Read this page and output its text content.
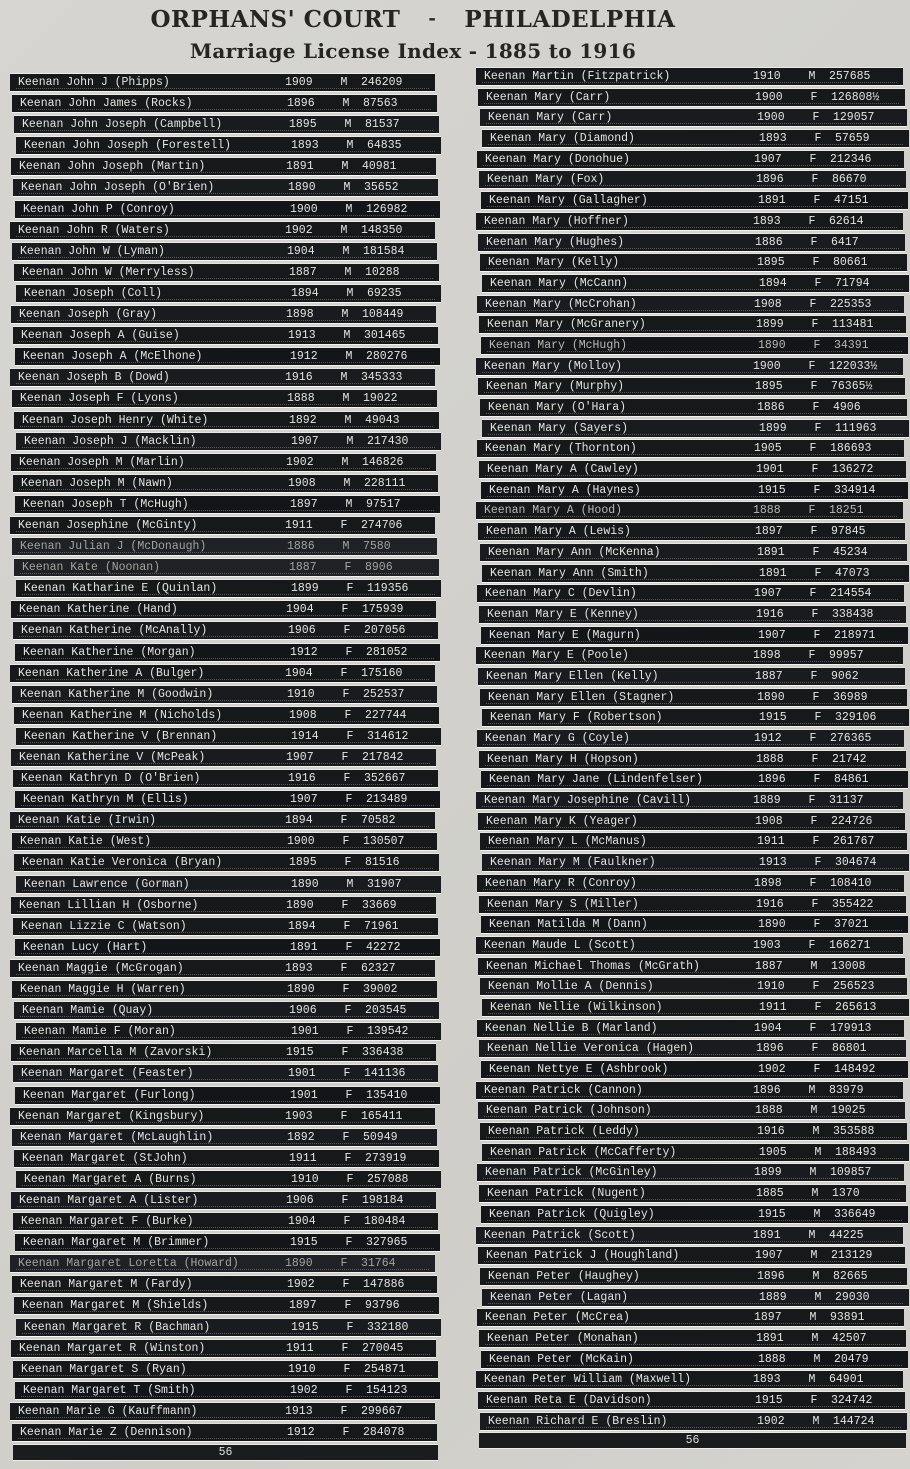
ORPHANS' COURT - PHILADELPHIA
Marriage License Index - 1885 to 1916
Keenan John J (Phipps)	1909	M	246209
Keenan John James (Rocks)	1896	M	87563
Keenan John Joseph (Campbell)	1895	M	81537
Keenan John Joseph (Forestell)	1893	M	64835
Keenan John Joseph (Martin)	1891	M	40981
Keenan John Joseph (O'Brien)	1890	M	35652
Keenan John P (Conroy)	1900	M	126982
Keenan John R (Waters)	1902	M	148350
Keenan John W (Lyman)	1904	M	181584
Keenan John W (Merryless)	1887	M	10288
Keenan Joseph (Coll)	1894	M	69235
Keenan Joseph (Gray)	1898	M	108449
Keenan Joseph A (Guise)	1913	M	301465
Keenan Joseph A (McElhone)	1912	M	280276
Keenan Joseph B (Dowd)	1916	M	345333
Keenan Joseph F (Lyons)	1888	M	19022
Keenan Joseph Henry (White)	1892	M	49043
Keenan Joseph J (Macklin)	1907	M	217430
Keenan Joseph M (Marlin)	1902	M	146826
Keenan Joseph M (Nawn)	1908	M	228111
Keenan Joseph T (McHugh)	1897	M	97517
Keenan Josephine (McGinty)	1911	F	274706
Keenan Julian J (McDonaugh)	1886	M	7580
Keenan Kate (Noonan)	1887	F	8906
Keenan Katharine E (Quinlan)	1899	F	119356
Keenan Katherine (Hand)	1904	F	175939
Keenan Katherine (McAnally)	1906	F	207056
Keenan Katherine (Morgan)	1912	F	281052
Keenan Katherine A (Bulger)	1904	F	175160
Keenan Katherine M (Goodwin)	1910	F	252537
Keenan Katherine M (Nicholds)	1908	F	227744
Keenan Katherine V (Brennan)	1914	F	314612
Keenan Katherine V (McPeak)	1907	F	217842
Keenan Kathryn D (O'Brien)	1916	F	352667
Keenan Kathryn M (Ellis)	1907	F	213489
Keenan Katie (Irwin)	1894	F	70582
Keenan Katie (West)	1900	F	130507
Keenan Katie Veronica (Bryan)	1895	F	81516
Keenan Lawrence (Gorman)	1890	M	31907
Keenan Lillian H (Osborne)	1890	F	33669
Keenan Lizzie C (Watson)	1894	F	71961
Keenan Lucy (Hart)	1891	F	42272
Keenan Maggie (McGrogan)	1893	F	62327
Keenan Maggie H (Warren)	1890	F	39002
Keenan Mamie (Quay)	1906	F	203545
Keenan Mamie F (Moran)	1901	F	139542
Keenan Marcella M (Zavorski)	1915	F	336438
Keenan Margaret (Feaster)	1901	F	141136
Keenan Margaret (Furlong)	1901	F	135410
Keenan Margaret (Kingsbury)	1903	F	165411
Keenan Margaret (McLaughlin)	1892	F	50949
Keenan Margaret (StJohn)	1911	F	273919
Keenan Margaret A (Burns)	1910	F	257088
Keenan Margaret A (Lister)	1906	F	198184
Keenan Margaret F (Burke)	1904	F	180484
Keenan Margaret M (Brimmer)	1915	F	327965
Keenan Margaret Loretta (Howard)	1890	F	31764
Keenan Margaret M (Fardy)	1902	F	147886
Keenan Margaret M (Shields)	1897	F	93796
Keenan Margaret R (Bachman)	1915	F	332180
Keenan Margaret R (Winston)	1911	F	270045
Keenan Margaret S (Ryan)	1910	F	254871
Keenan Margaret T (Smith)	1902	F	154123
Keenan Marie G (Kauffmann)	1913	F	299667
Keenan Marie Z (Dennison)	1912	F	284078
56
Keenan Martin (Fitzpatrick)	1910	M	257685
Keenan Mary (Carr)	1900	F	126808½
Keenan Mary (Carr)	1900	F	129057
Keenan Mary (Diamond)	1893	F	57659
Keenan Mary (Donohue)	1907	F	212346
Keenan Mary (Fox)	1896	F	86670
Keenan Mary (Gallagher)	1891	F	47151
Keenan Mary (Hoffner)	1893	F	62614
Keenan Mary (Hughes)	1886	F	6417
Keenan Mary (Kelly)	1895	F	80661
Keenan Mary (McCann)	1894	F	71794
Keenan Mary (McCrohan)	1908	F	225353
Keenan Mary (McGranery)	1899	F	113481
Keenan Mary (McHugh)	1890	F	34391
Keenan Mary (Molloy)	1900	F	122033½
Keenan Mary (Murphy)	1895	F	76365½
Keenan Mary (O'Hara)	1886	F	4906
Keenan Mary (Sayers)	1899	F	111963
Keenan Mary (Thornton)	1905	F	186693
Keenan Mary A (Cawley)	1901	F	136272
Keenan Mary A (Haynes)	1915	F	334914
Keenan Mary A (Hood)	1888	F	18251
Keenan Mary A (Lewis)	1897	F	97845
Keenan Mary Ann (McKenna)	1891	F	45234
Keenan Mary Ann (Smith)	1891	F	47073
Keenan Mary C (Devlin)	1907	F	214554
Keenan Mary E (Kenney)	1916	F	338438
Keenan Mary E (Magurn)	1907	F	218971
Keenan Mary E (Poole)	1898	F	99957
Keenan Mary Ellen (Kelly)	1887	F	9062
Keenan Mary Ellen (Stagner)	1890	F	36989
Keenan Mary F (Robertson)	1915	F	329106
Keenan Mary G (Coyle)	1912	F	276365
Keenan Mary H (Hopson)	1888	F	21742
Keenan Mary Jane (Lindenfelser)	1896	F	84861
Keenan Mary Josephine (Cavill)	1889	F	31137
Keenan Mary K (Yeager)	1908	F	224726
Keenan Mary L (McManus)	1911	F	261767
Keenan Mary M (Faulkner)	1913	F	304674
Keenan Mary R (Conroy)	1898	F	108410
Keenan Mary S (Miller)	1916	F	355422
Keenan Matilda M (Dann)	1890	F	37021
Keenan Maude L (Scott)	1903	F	166271
Keenan Michael Thomas (McGrath)	1887	M	13008
Keenan Mollie A (Dennis)	1910	F	256523
Keenan Nellie (Wilkinson)	1911	F	265613
Keenan Nellie B (Marland)	1904	F	179913
Keenan Nellie Veronica (Hagen)	1896	F	86801
Keenan Nettye E (Ashbrook)	1902	F	148492
Keenan Patrick (Cannon)	1896	M	83979
Keenan Patrick (Johnson)	1888	M	19025
Keenan Patrick (Leddy)	1916	M	353588
Keenan Patrick (McCafferty)	1905	M	188493
Keenan Patrick (McGinley)	1899	M	109857
Keenan Patrick (Nugent)	1885	M	1370
Keenan Patrick (Quigley)	1915	M	336649
Keenan Patrick (Scott)	1891	M	44225
Keenan Patrick J (Houghland)	1907	M	213129
Keenan Peter (Haughey)	1896	M	82665
Keenan Peter (Lagan)	1889	M	29030
Keenan Peter (McCrea)	1897	M	93891
Keenan Peter (Monahan)	1891	M	42507
Keenan Peter (McKain)	1888	M	20479
Keenan Peter William (Maxwell)	1893	M	64901
Keenan Reta E (Davidson)	1915	F	324742
Keenan Richard E (Breslin)	1902	M	144724
56
